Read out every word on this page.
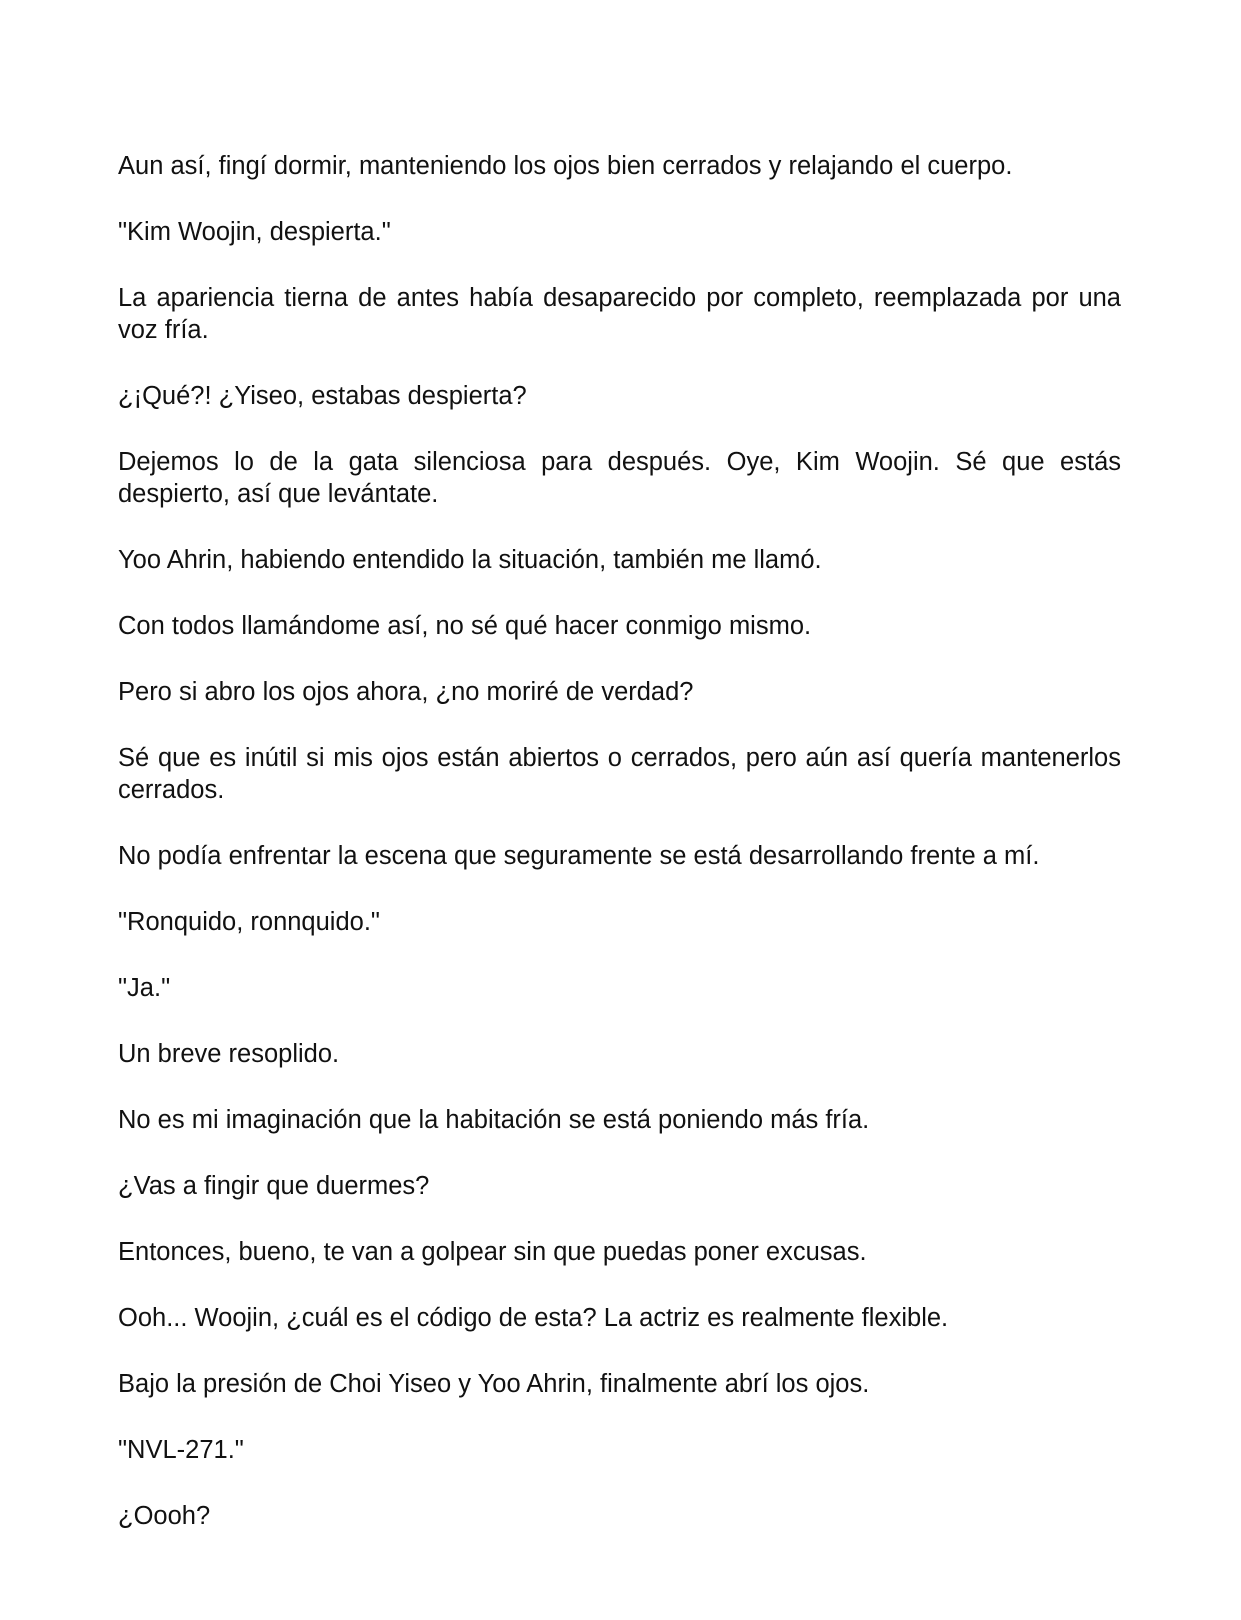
Aun así, fingí dormir, manteniendo los ojos bien cerrados y relajando el cuerpo.

"Kim Woojin, despierta."

La apariencia tierna de antes había desaparecido por completo, reemplazada por una voz fría.

¿¡Qué?! ¿Yiseo, estabas despierta?

Dejemos lo de la gata silenciosa para después. Oye, Kim Woojin. Sé que estás despierto, así que levántate.

Yoo Ahrin, habiendo entendido la situación, también me llamó.

Con todos llamándome así, no sé qué hacer conmigo mismo.

Pero si abro los ojos ahora, ¿no moriré de verdad?

Sé que es inútil si mis ojos están abiertos o cerrados, pero aún así quería mantenerlos cerrados.

No podía enfrentar la escena que seguramente se está desarrollando frente a mí.

"Ronquido, ronnquido."

"Ja."

Un breve resoplido.

No es mi imaginación que la habitación se está poniendo más fría.

¿Vas a fingir que duermes?

Entonces, bueno, te van a golpear sin que puedas poner excusas.

Ooh... Woojin, ¿cuál es el código de esta? La actriz es realmente flexible.

Bajo la presión de Choi Yiseo y Yoo Ahrin, finalmente abrí los ojos.

"NVL-271."

¿Oooh?
